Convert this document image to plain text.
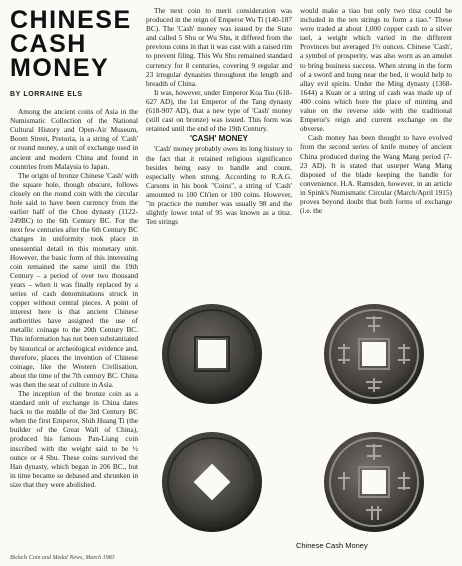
CHINESE
CASH
MONEY
BY LORRAINE ELS

Among the ancient coins of Asia in the Numismatic Collection of the National Cultural History and Open-Air Museum, Boom Street, Pretoria, is a string of 'Cash' or round money, a unit of exchange used in ancient and modern China and found in countries from Malaysia to Japan.

The origin of bronze Chinese 'Cash' with the square hole, though obscure, follows closely on the round coin with the circular hole said to have been currency from the earlier half of the Chou dynasty (1122-249BC) to the 6th Century BC. For the next few centuries after the 6th Century BC changes in uniformity took place in unessential detail in this monetary unit. However, the basic form of this interesting coin remained the same until the 19th Century – a period of over two thousand years – when it was finally replaced by a series of cash denominations struck in copper without central pieces. A point of interest here is that ancient Chinese authorities have assigned the use of metallic coinage to the 20th Century BC. This information has not been substantiated by historical or archeological evidence and, therefore, places the invention of Chinese coinage, like the Western Civilisation, about the time of the 7th century BC. China was then the seat of culture in Asia.

The inception of the bronze coin as a standard unit of exchange in China dates back to the middle of the 3rd Century BC when the first Emperor, Shih Huang Ti (the builder of the Great Wall of China), produced his famous Pan-Liang coin inscribed with the weight said to be ½ ounce or 4 Shu. These coins survived the Han dynasty, which began in 206 BC., but in time became so debased and shrunken in size that they were abolished.

The next coin to merit consideration was produced in the reign of Emperor Wu Ti (140-187 BC). The 'Cash' money was issued by the State and called 5 Shu or Wu Shu, it differed from the previous coins in that it was cast with a raised rim to prevent filing. This Wu Shu remained standard currency for 8 centuries, covering 9 regular and 23 irregular dynasties throughout the length and breadth of China.

It was, however, under Emperor Koa Tsu (618-627 AD), the 1st Emperor of the Tang dynasty (618-907 AD), that a new type of 'Cash' money (still cast on bronze) was issued. This form was retained until the end of the 19th Century.

'CASH' MONEY

'Cash' money probably owes its long history to the fact that it retained religious significance besides being easy to handle and count, especially when strung. According to R.A.G. Carsons in his book "Coins", a string of 'Cash' amounted to 100 Ch'ien or 100 coins. However, "in practice the number was usually 98 and the slightly lower total of 95 was known as a titsz. Ten strings

would make a tiao but only two titsz could be included in the ten strings to form a tiao." These were traded at about 1,000 copper cash to a silver tael, a weight which varied in the different Provinces but averaged 1⅓ ounces. Chinese 'Cash', a symbol of prosperity, was also worn as an amulet to bring business success. When strung in the form of a sword and hung near the bed, it would help to allay evil spirits. Under the Ming dynasty (1368-1644) a Kuan or a string of cash was made up of 400 coins which bore the place of minting and value on the reverse side with the traditional Emperor's reign and current exchange on the obverse.

Cash money has been thought to have evolved from the second series of knife money of ancient China produced during the Wang Mang period (7-23 AD). It is stated that usurper Wang Mang disposed of the blade keeping the handle for convenience. H.A. Ramsden, however, in an article in Spink's Numismatic Circular (March/April 1915) proves beyond doubt that both forms of exchange (i.e. the

Chinese Cash Money
Bickels Coin and Medal News, March 1983
